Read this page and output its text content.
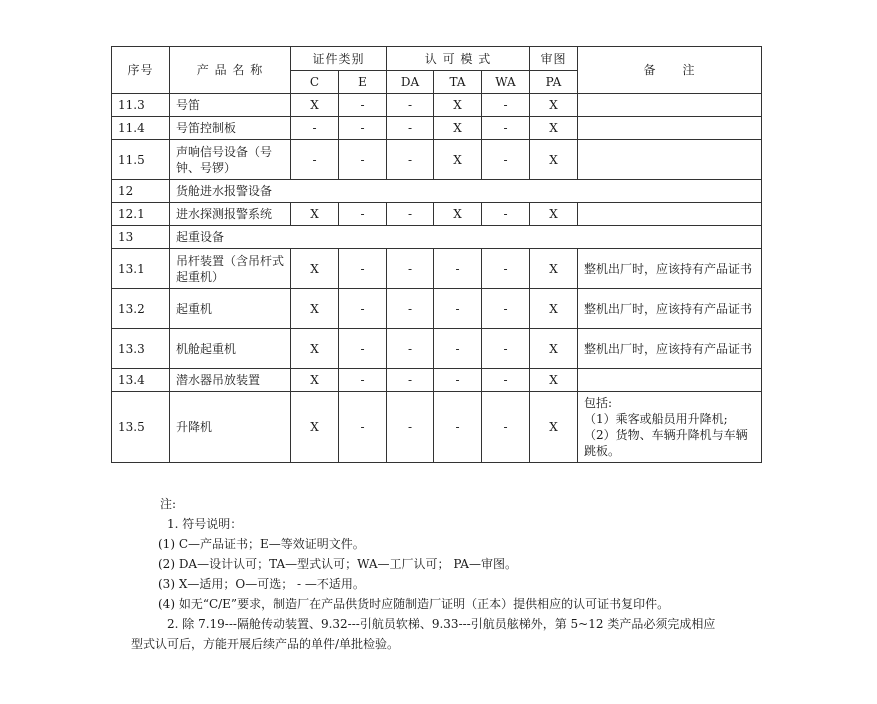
序号	产 品 名 称	证件类别		认 可 模 式			审图	备　　注
		C	E	DA	TA	WA	PA	
11.3	号笛	X	-	-	X	-	X	
11.4	号笛控制板	-	-	-	X	-	X	
11.5	声响信号设备（号钟、号锣）	-	-	-	X	-	X	
12	货舱进水报警设备							
12.1	进水探测报警系统	X	-	-	X	-	X	
13	起重设备							
13.1	吊杆装置（含吊杆式起重机）	X	-	-	-	-	X	整机出厂时，应该持有产品证书
13.2	起重机	X	-	-	-	-	X	整机出厂时，应该持有产品证书
13.3	机舱起重机	X	-	-	-	-	X	整机出厂时，应该持有产品证书
13.4	潜水器吊放装置	X	-	-	-	-	X	
13.5	升降机	X	-	-	-	-	X	包括:
（1）乘客或船员用升降机;
（2）货物、车辆升降机与车辆跳板。

注:

1. 符号说明：

(1) C—产品证书；E—等效证明文件。

(2) DA—设计认可；TA—型式认可；WA—工厂认可； PA—审图。

(3) X—适用；O—可选； - —不适用。

(4) 如无“C/E”要求，制造厂在产品供货时应随制造厂证明（正本）提供相应的认可证书复印件。

2. 除 7.19---隔舱传动装置、9.32---引航员软梯、9.33---引航员舷梯外，第 5~12 类产品必须完成相应

型式认可后，方能开展后续产品的单件/单批检验。
